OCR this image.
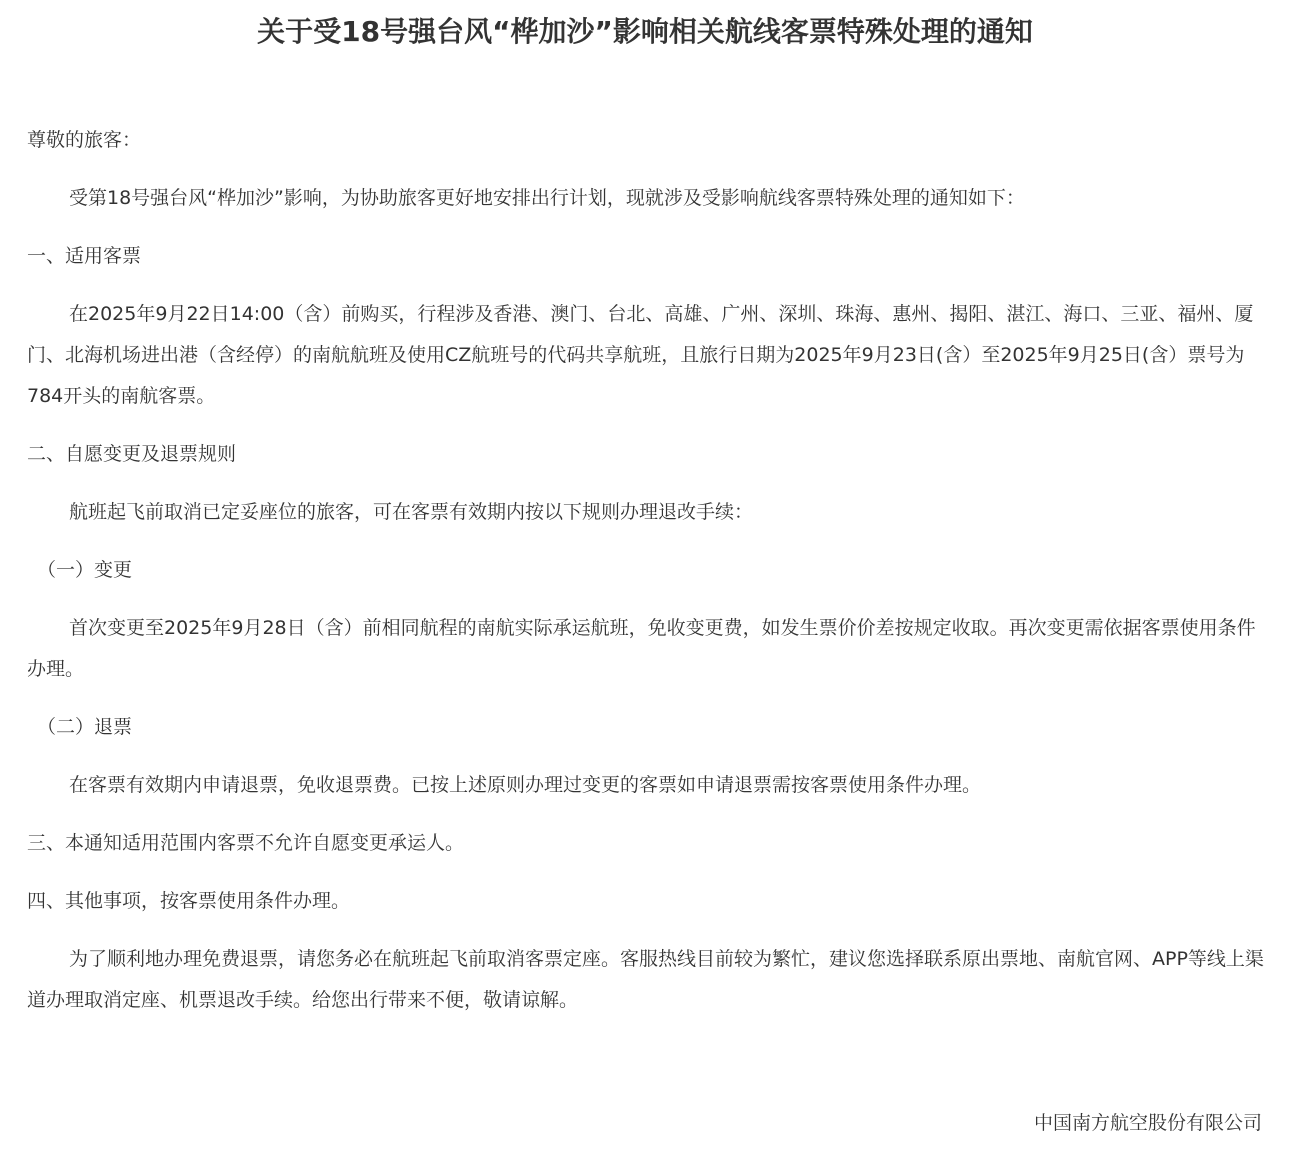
关于受18号强台风“桦加沙”影响相关航线客票特殊处理的通知
尊敬的旅客：
受第18号强台风“桦加沙”影响，为协助旅客更好地安排出行计划，现就涉及受影响航线客票特殊处理的通知如下：
一、适用客票
在2025年9月22日14:00（含）前购买，行程涉及香港、澳门、台北、高雄、广州、深圳、珠海、惠州、揭阳、湛江、海口、三亚、福州、厦门、北海机场进出港（含经停）的南航航班及使用CZ航班号的代码共享航班，且旅行日期为2025年9月23日(含）至2025年9月25日(含）票号为784开头的南航客票。
二、自愿变更及退票规则
航班起飞前取消已定妥座位的旅客，可在客票有效期内按以下规则办理退改手续：
（一）变更
首次变更至2025年9月28日（含）前相同航程的南航实际承运航班，免收变更费，如发生票价价差按规定收取。再次变更需依据客票使用条件办理。
（二）退票
在客票有效期内申请退票，免收退票费。已按上述原则办理过变更的客票如申请退票需按客票使用条件办理。
三、本通知适用范围内客票不允许自愿变更承运人。
四、其他事项，按客票使用条件办理。
为了顺利地办理免费退票，请您务必在航班起飞前取消客票定座。客服热线目前较为繁忙，建议您选择联系原出票地、南航官网、APP等线上渠道办理取消定座、机票退改手续。给您出行带来不便，敬请谅解。
中国南方航空股份有限公司
